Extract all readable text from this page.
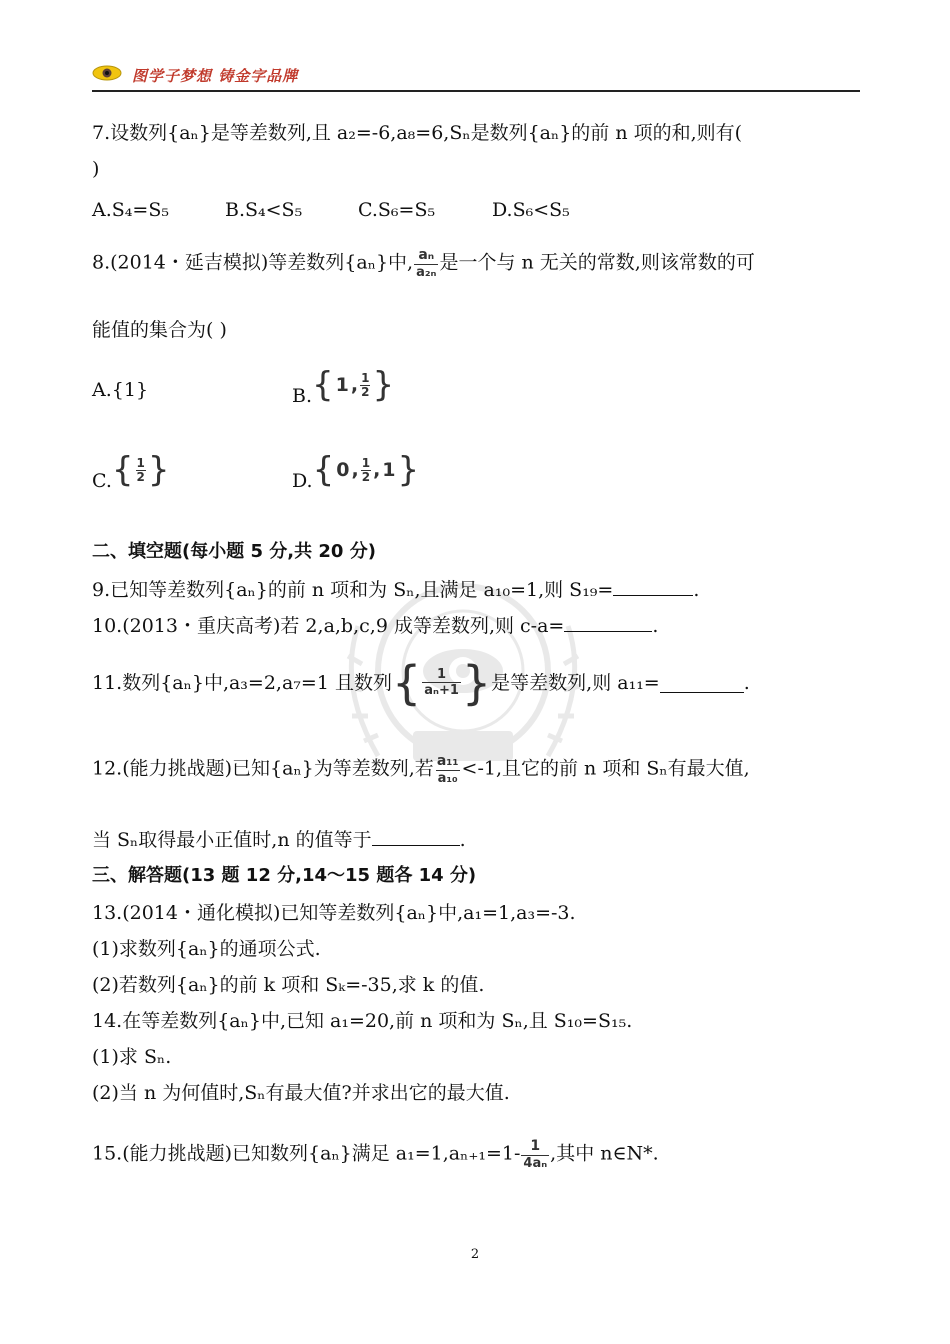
图学子梦想 铸金字品牌
7.设数列{aₙ}是等差数列,且 a₂=-6,a₈=6,Sₙ是数列{aₙ}的前 n 项的和,则有(
)
A.S₄=S₅	B.S₄<S₅	C.S₆=S₅	D.S₆<S₅
8.(2014・延吉模拟)等差数列{aₙ}中, $\frac{\text{aₙ}}{\text{a₂ₙ}}$ 是一个与 n 无关的常数,则该常数的可
能值的集合为( )
A.{1}	B. { 1 , $\frac{1}{2}$ }
C. { $\frac{1}{2}$ }	D. { 0 , $\frac{1}{2}$ , 1 }
二、填空题(每小题 5 分,共 20 分)
9.已知等差数列{aₙ}的前 n 项和为 Sₙ,且满足 a₁₀=1,则 S₁₉=	.
10.(2013・重庆高考)若 2,a,b,c,9 成等差数列,则 c-a=	.
11.数列{aₙ}中,a₃=2,a₇=1 且数列 { $\frac{1}{\text{aₙ+1}}$ } 是等差数列,则 a₁₁=	.
12.(能力挑战题)已知{aₙ}为等差数列,若 $\frac{\text{a₁₁}}{\text{a₁₀}} <-1$,且它的前 n 项和 Sₙ有最大值,
当 Sₙ取得最小正值时,n 的值等于	.
三、解答题(13 题 12 分,14～15 题各 14 分)
13.(2014・通化模拟)已知等差数列{aₙ}中,a₁=1,a₃=-3.
(1)求数列{aₙ}的通项公式.
(2)若数列{aₙ}的前 k 项和 Sₖ=-35,求 k 的值.
14.在等差数列{aₙ}中,已知 a₁=20,前 n 项和为 Sₙ,且 S₁₀=S₁₅.
(1)求 Sₙ.
(2)当 n 为何值时,Sₙ有最大值?并求出它的最大值.
15.(能力挑战题)已知数列{aₙ}满足 $a_1=1,a_{n+1}=1- \frac{1}{\text{4aₙ}}$ ,其中 n∈N*.
2
